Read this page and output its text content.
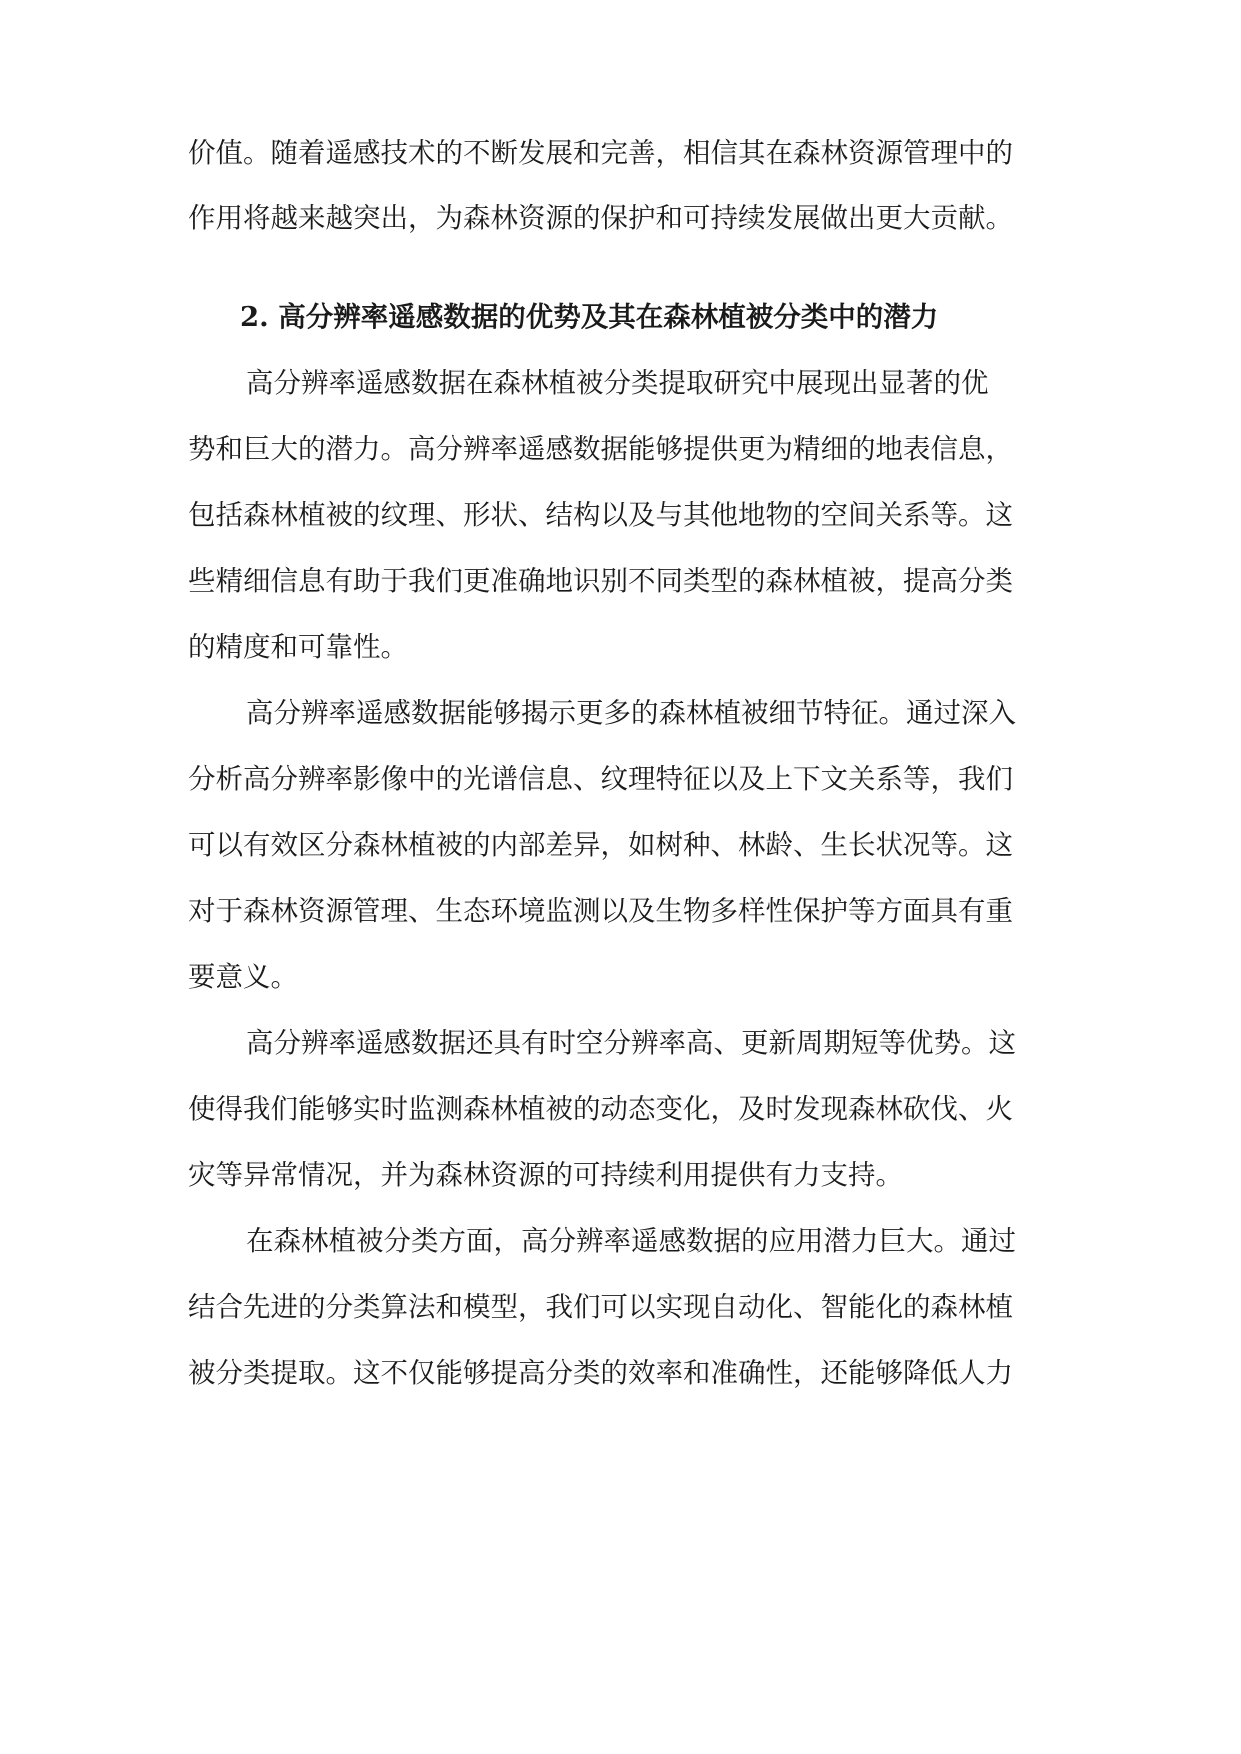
价值。随着遥感技术的不断发展和完善，相信其在森林资源管理中的
作用将越来越突出，为森林资源的保护和可持续发展做出更大贡献。
2. 高分辨率遥感数据的优势及其在森林植被分类中的潜力
高分辨率遥感数据在森林植被分类提取研究中展现出显著的优
势和巨大的潜力。高分辨率遥感数据能够提供更为精细的地表信息，
包括森林植被的纹理、形状、结构以及与其他地物的空间关系等。这
些精细信息有助于我们更准确地识别不同类型的森林植被，提高分类
的精度和可靠性。
高分辨率遥感数据能够揭示更多的森林植被细节特征。通过深入
分析高分辨率影像中的光谱信息、纹理特征以及上下文关系等，我们
可以有效区分森林植被的内部差异，如树种、林龄、生长状况等。这
对于森林资源管理、生态环境监测以及生物多样性保护等方面具有重
要意义。
高分辨率遥感数据还具有时空分辨率高、更新周期短等优势。这
使得我们能够实时监测森林植被的动态变化，及时发现森林砍伐、火
灾等异常情况，并为森林资源的可持续利用提供有力支持。
在森林植被分类方面，高分辨率遥感数据的应用潜力巨大。通过
结合先进的分类算法和模型，我们可以实现自动化、智能化的森林植
被分类提取。这不仅能够提高分类的效率和准确性，还能够降低人力
